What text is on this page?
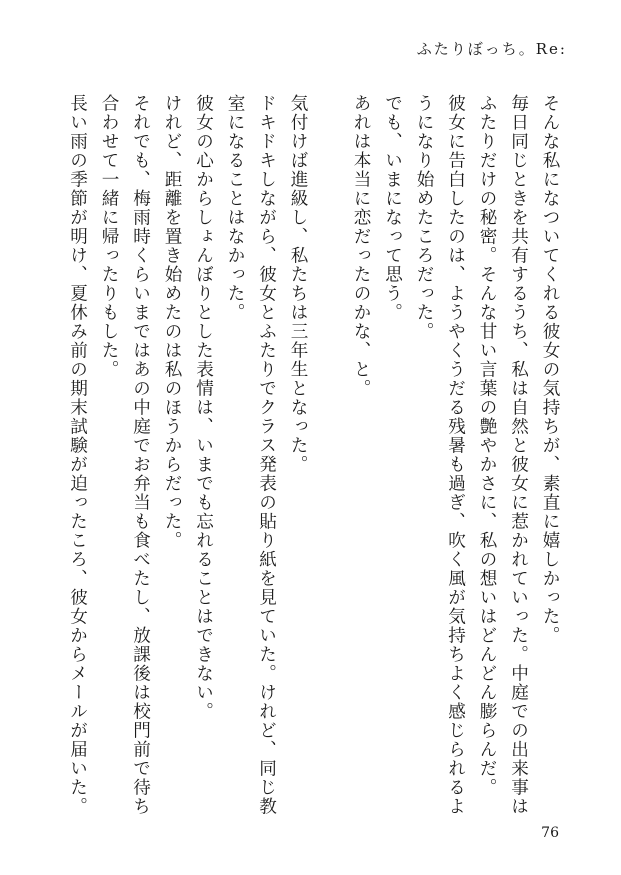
ふたりぼっち。Re:

そんな私になついてくれる彼女の気持ちが、素直に嬉しかった。

毎日同じときを共有するうち、私は自然と彼女に惹かれていった。中庭での出来事はふたりだけの秘密。そんな甘い言葉の艶やかさに、私の想いはどんどん膨らんだ。

彼女に告白したのは、ようやくうだる残暑も過ぎ、吹く風が気持ちよく感じられるようになり始めたころだった。

でも、いまになって思う。

あれは本当に恋だったのかな、と。

気付けば進級し、私たちは三年生となった。

ドキドキしながら、彼女とふたりでクラス発表の貼り紙を見ていた。けれど、同じ教室になることはなかった。

彼女の心からしょんぼりとした表情は、いまでも忘れることはできない。

けれど、距離を置き始めたのは私のほうからだった。

それでも、梅雨時くらいまではあの中庭でお弁当も食べたし、放課後は校門前で待ち合わせて一緒に帰ったりもした。

長い雨の季節が明け、夏休み前の期末試験が迫ったころ、彼女からメールが届いた。

76
